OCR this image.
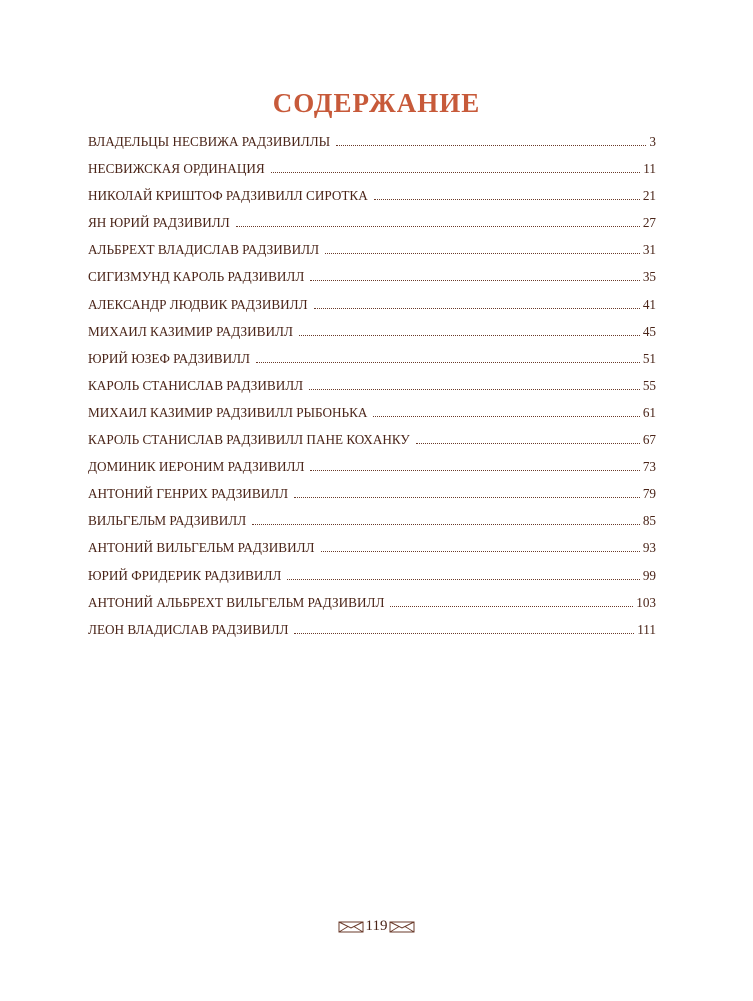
СОДЕРЖАНИЕ
ВЛАДЕЛЬЦЫ НЕСВИЖА РАДЗИВИЛЛЫ	3
НЕСВИЖСКАЯ ОРДИНАЦИЯ	11
НИКОЛАЙ КРИШТОФ РАДЗИВИЛЛ СИРОТКА	21
ЯН ЮРИЙ РАДЗИВИЛЛ	27
АЛЬБРЕХТ ВЛАДИСЛАВ РАДЗИВИЛЛ	31
СИГИЗМУНД КАРОЛЬ РАДЗИВИЛЛ	35
АЛЕКСАНДР ЛЮДВИК РАДЗИВИЛЛ	41
МИХАИЛ КАЗИМИР РАДЗИВИЛЛ	45
ЮРИЙ ЮЗЕФ РАДЗИВИЛЛ	51
КАРОЛЬ СТАНИСЛАВ РАДЗИВИЛЛ	55
МИХАИЛ КАЗИМИР РАДЗИВИЛЛ РЫБОНЬКА	61
КАРОЛЬ СТАНИСЛАВ РАДЗИВИЛЛ ПАНЕ КОХАНКУ	67
ДОМИНИК ИЕРОНИМ РАДЗИВИЛЛ	73
АНТОНИЙ ГЕНРИХ РАДЗИВИЛЛ	79
ВИЛЬГЕЛЬМ РАДЗИВИЛЛ	85
АНТОНИЙ ВИЛЬГЕЛЬМ РАДЗИВИЛЛ	93
ЮРИЙ ФРИДЕРИК РАДЗИВИЛЛ	99
АНТОНИЙ АЛЬБРЕХТ ВИЛЬГЕЛЬМ РАДЗИВИЛЛ	103
ЛЕОН ВЛАДИСЛАВ РАДЗИВИЛЛ	111
119
